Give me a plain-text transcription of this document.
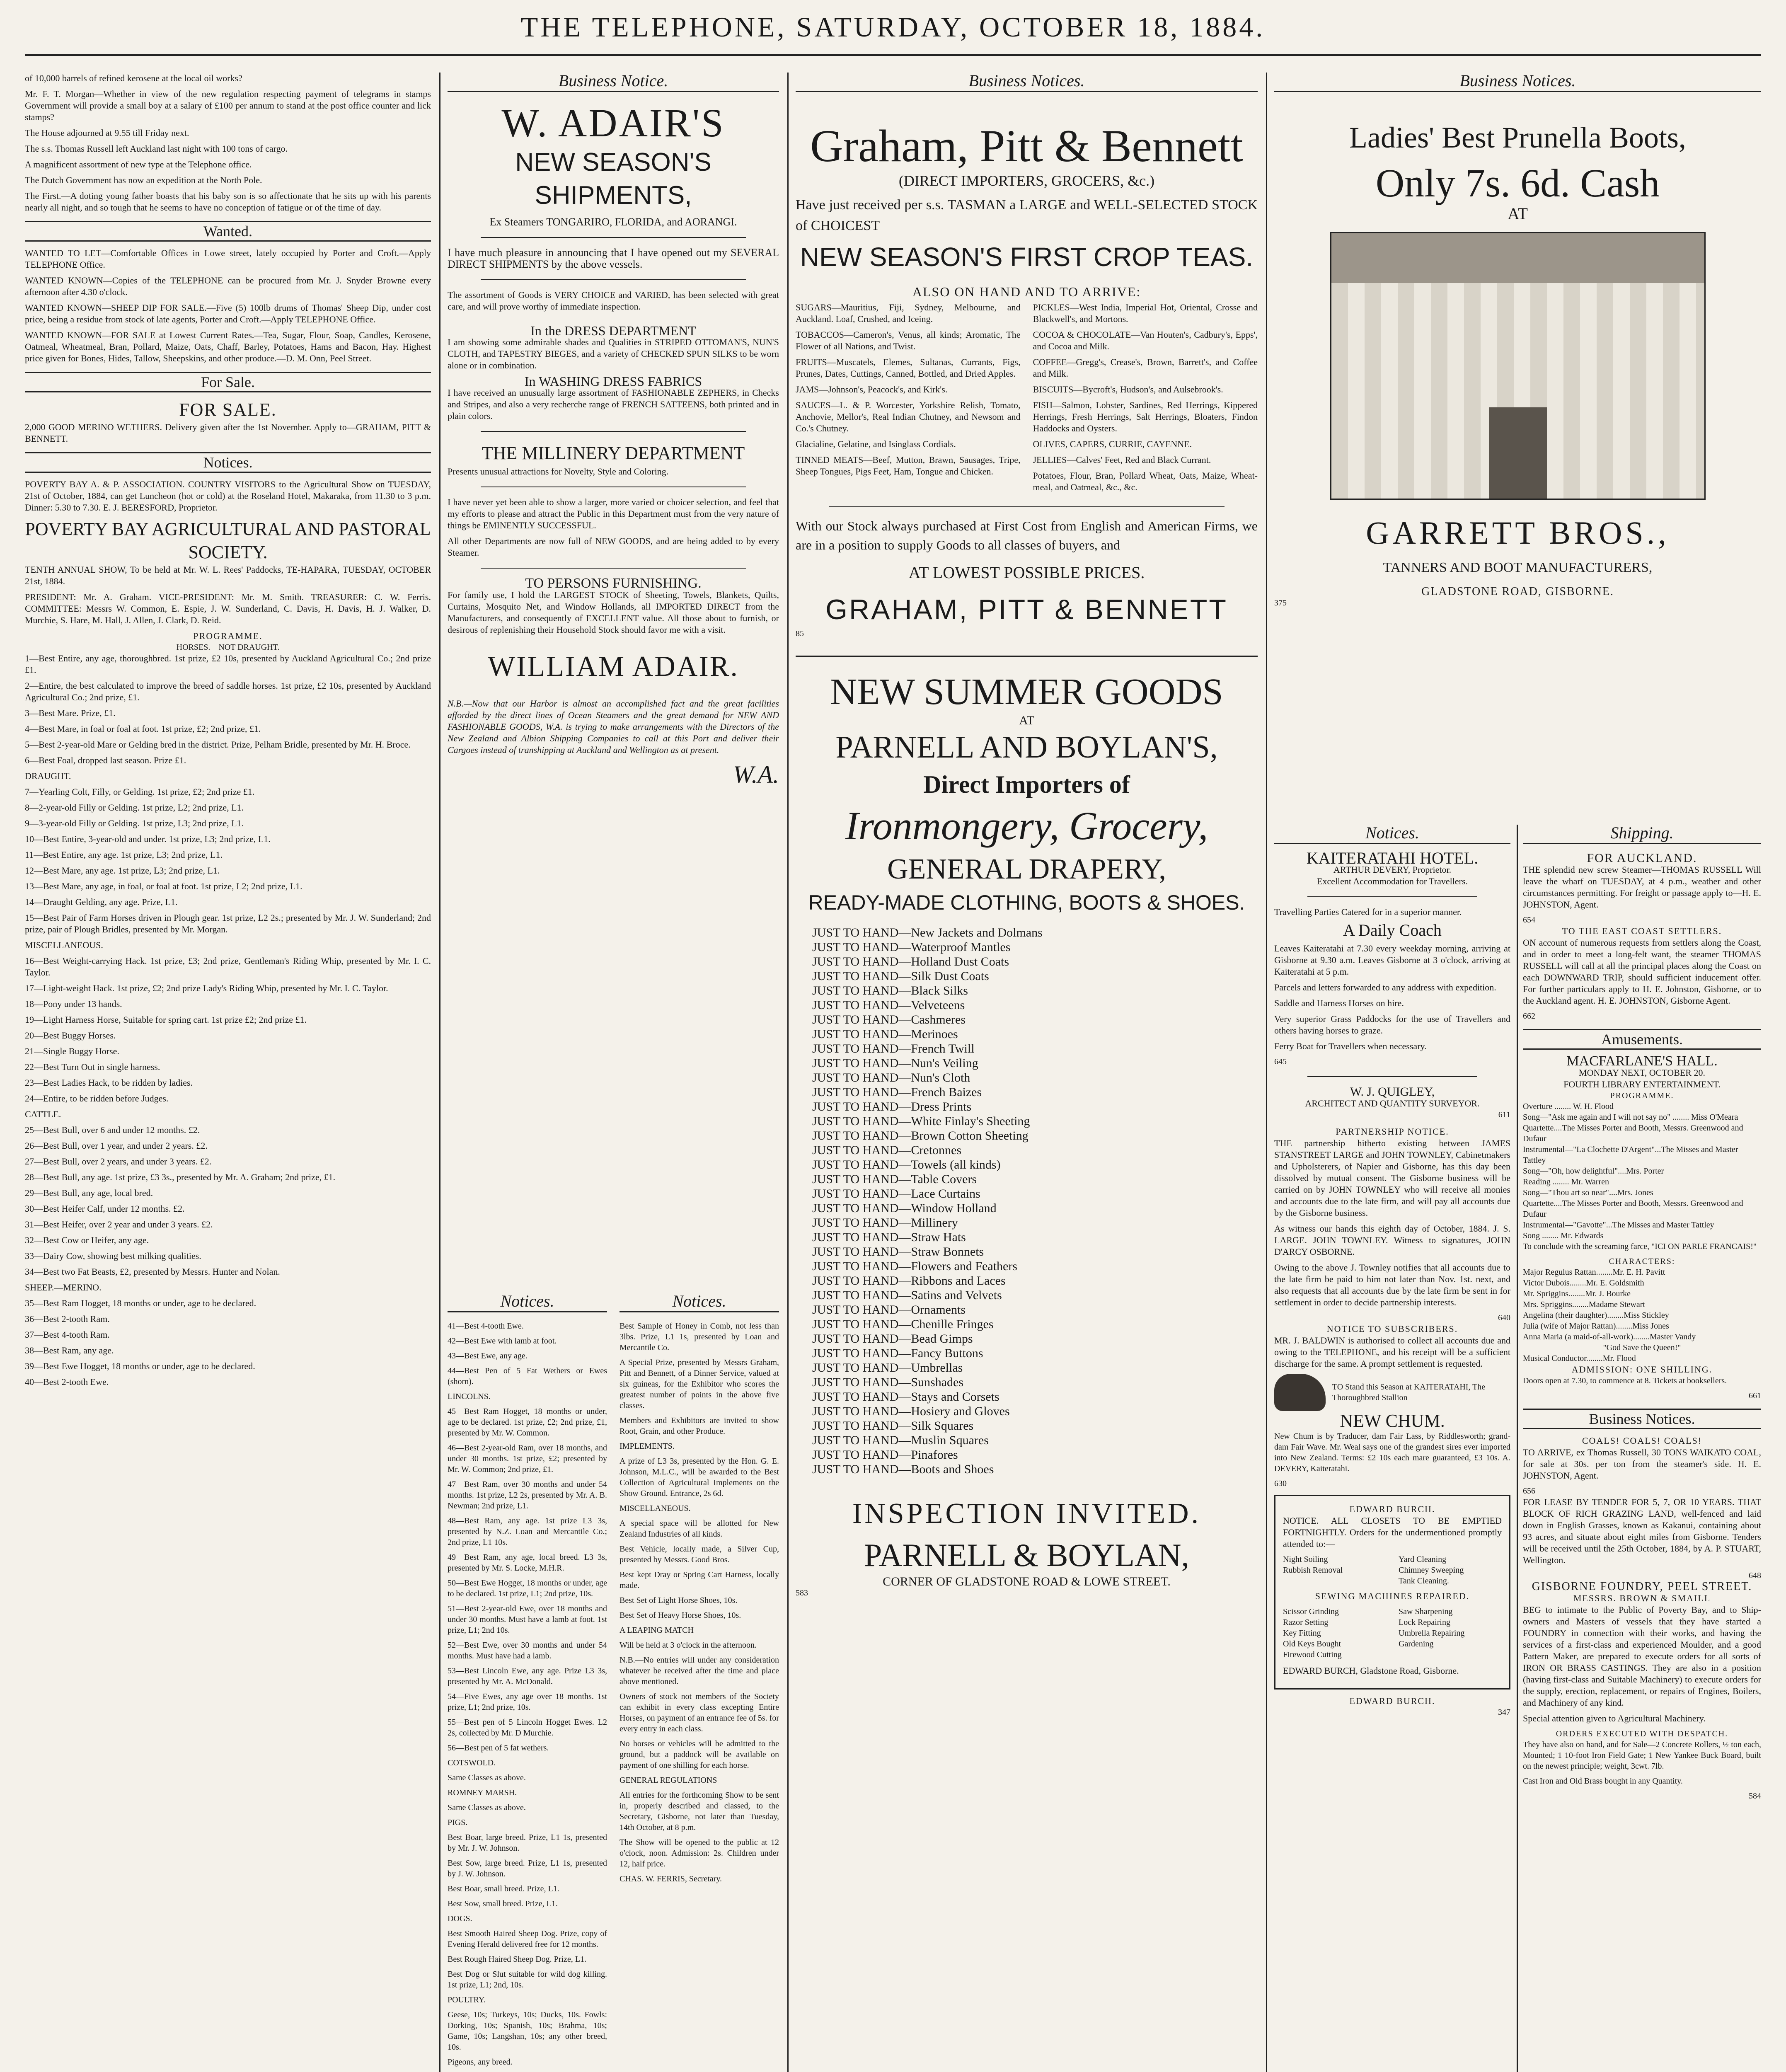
THE TELEPHONE, SATURDAY, OCTOBER 18, 1884.

of 10,000 barrels of refined kerosene at the local oil works?

Mr. F. T. Morgan—Whether in view of the new regulation respecting payment of telegrams in stamps Government will provide a small boy at a salary of £100 per annum to stand at the post office counter and lick stamps?

The House adjourned at 9.55 till Friday next.

The s.s. Thomas Russell left Auckland last night with 100 tons of cargo.

A magnificent assortment of new type at the Telephone office.

The Dutch Government has now an expedition at the North Pole.

The First.—A doting young father boasts that his baby son is so affectionate that he sits up with his parents nearly all night, and so tough that he seems to have no conception of fatigue or of the time of day.

Wanted.

WANTED TO LET—Comfortable Offices in Lowe street, lately occupied by Porter and Croft.—Apply TELEPHONE Office.

WANTED KNOWN—Copies of the TELEPHONE can be procured from Mr. J. Snyder Browne every afternoon after 4.30 o'clock.

WANTED KNOWN—SHEEP DIP FOR SALE.—Five (5) 100lb drums of Thomas' Sheep Dip, under cost price, being a residue from stock of late agents, Porter and Croft.—Apply TELEPHONE Office.

WANTED KNOWN—FOR SALE at Lowest Current Rates.—Tea, Sugar, Flour, Soap, Candles, Kerosene, Oatmeal, Wheatmeal, Bran, Pollard, Maize, Oats, Chaff, Barley, Potatoes, Hams and Bacon, Hay. Highest price given for Bones, Hides, Tallow, Sheepskins, and other produce.—D. M. Onn, Peel Street.

For Sale.
FOR SALE.

2,000 GOOD MERINO WETHERS. Delivery given after the 1st November. Apply to—GRAHAM, PITT & BENNETT.

Notices.

POVERTY BAY A. & P. ASSOCIATION. COUNTRY VISITORS to the Agricultural Show on TUESDAY, 21st of October, 1884, can get Luncheon (hot or cold) at the Roseland Hotel, Makaraka, from 11.30 to 3 p.m. Dinner: 5.30 to 7.30. E. J. BERESFORD, Proprietor.

POVERTY BAY AGRICULTURAL AND PASTORAL SOCIETY.

TENTH ANNUAL SHOW, To be held at Mr. W. L. Rees' Paddocks, TE-HAPARA, TUESDAY, OCTOBER 21st, 1884.

PRESIDENT: Mr. A. Graham. VICE-PRESIDENT: Mr. M. Smith. TREASURER: C. W. Ferris. COMMITTEE: Messrs W. Common, E. Espie, J. W. Sunderland, C. Davis, H. Davis, H. J. Walker, D. Murchie, S. Hare, M. Hall, J. Allen, J. Clark, D. Reid.

PROGRAMME.
HORSES.—NOT DRAUGHT.

1—Best Entire, any age, thoroughbred. 1st prize, £2 10s, presented by Auckland Agricultural Co.; 2nd prize £1.

2—Entire, the best calculated to improve the breed of saddle horses. 1st prize, £2 10s, presented by Auckland Agricultural Co.; 2nd prize, £1.

3—Best Mare. Prize, £1.

4—Best Mare, in foal or foal at foot. 1st prize, £2; 2nd prize, £1.

5—Best 2-year-old Mare or Gelding bred in the district. Prize, Pelham Bridle, presented by Mr. H. Broce.

6—Best Foal, dropped last season. Prize £1.

DRAUGHT.

7—Yearling Colt, Filly, or Gelding. 1st prize, £2; 2nd prize £1.

8—2-year-old Filly or Gelding. 1st prize, L2; 2nd prize, L1.

9—3-year-old Filly or Gelding. 1st prize, L3; 2nd prize, L1.

10—Best Entire, 3-year-old and under. 1st prize, L3; 2nd prize, L1.

11—Best Entire, any age. 1st prize, L3; 2nd prize, L1.

12—Best Mare, any age. 1st prize, L3; 2nd prize, L1.

13—Best Mare, any age, in foal, or foal at foot. 1st prize, L2; 2nd prize, L1.

14—Draught Gelding, any age. Prize, L1.

15—Best Pair of Farm Horses driven in Plough gear. 1st prize, L2 2s.; presented by Mr. J. W. Sunderland; 2nd prize, pair of Plough Bridles, presented by Mr. Morgan.

MISCELLANEOUS.

16—Best Weight-carrying Hack. 1st prize, £3; 2nd prize, Gentleman's Riding Whip, presented by Mr. I. C. Taylor.

17—Light-weight Hack. 1st prize, £2; 2nd prize Lady's Riding Whip, presented by Mr. I. C. Taylor.

18—Pony under 13 hands.

19—Light Harness Horse, Suitable for spring cart. 1st prize £2; 2nd prize £1.

20—Best Buggy Horses.

21—Single Buggy Horse.

22—Best Turn Out in single harness.

23—Best Ladies Hack, to be ridden by ladies.

24—Entire, to be ridden before Judges.

CATTLE.

25—Best Bull, over 6 and under 12 months. £2.

26—Best Bull, over 1 year, and under 2 years. £2.

27—Best Bull, over 2 years, and under 3 years. £2.

28—Best Bull, any age. 1st prize, £3 3s., presented by Mr. A. Graham; 2nd prize, £1.

29—Best Bull, any age, local bred.

30—Best Heifer Calf, under 12 months. £2.

31—Best Heifer, over 2 year and under 3 years. £2.

32—Best Cow or Heifer, any age.

33—Dairy Cow, showing best milking qualities.

34—Best two Fat Beasts, £2, presented by Messrs. Hunter and Nolan.

SHEEP.—MERINO.

35—Best Ram Hogget, 18 months or under, age to be declared.

36—Best 2-tooth Ram.

37—Best 4-tooth Ram.

38—Best Ram, any age.

39—Best Ewe Hogget, 18 months or under, age to be declared.

40—Best 2-tooth Ewe.

Business Notice.
W. ADAIR'S
NEW SEASON'S SHIPMENTS,
Ex Steamers TONGARIRO, FLORIDA, and AORANGI.

I have much pleasure in announcing that I have opened out my SEVERAL DIRECT SHIPMENTS by the above vessels.

The assortment of Goods is VERY CHOICE and VARIED, has been selected with great care, and will prove worthy of immediate inspection.

In the DRESS DEPARTMENT

I am showing some admirable shades and Qualities in STRIPED OTTOMAN'S, NUN'S CLOTH, and TAPESTRY BIEGES, and a variety of CHECKED SPUN SILKS to be worn alone or in combination.

In WASHING DRESS FABRICS

I have received an unusually large assortment of FASHIONABLE ZEPHERS, in Checks and Stripes, and also a very recherche range of FRENCH SATTEENS, both printed and in plain colors.

THE MILLINERY DEPARTMENT

Presents unusual attractions for Novelty, Style and Coloring.

I have never yet been able to show a larger, more varied or choicer selection, and feel that my efforts to please and attract the Public in this Department must from the very nature of things be EMINENTLY SUCCESSFUL.

All other Departments are now full of NEW GOODS, and are being added to by every Steamer.

TO PERSONS FURNISHING.

For family use, I hold the LARGEST STOCK of Sheeting, Towels, Blankets, Quilts, Curtains, Mosquito Net, and Window Hollands, all IMPORTED DIRECT from the Manufacturers, and consequently of EXCELLENT value. All those about to furnish, or desirous of replenishing their Household Stock should favor me with a visit.

WILLIAM ADAIR.

N.B.—Now that our Harbor is almost an accomplished fact and the great facilities afforded by the direct lines of Ocean Steamers and the great demand for NEW AND FASHIONABLE GOODS, W.A. is trying to make arrangements with the Directors of the New Zealand and Albion Shipping Companies to call at this Port and deliver their Cargoes instead of transhipping at Auckland and Wellington as at present.

W.A.
Notices.

41—Best 4-tooth Ewe.

42—Best Ewe with lamb at foot.

43—Best Ewe, any age.

44—Best Pen of 5 Fat Wethers or Ewes (shorn).

LINCOLNS.

45—Best Ram Hogget, 18 months or under, age to be declared. 1st prize, £2; 2nd prize, £1, presented by Mr. W. Common.

46—Best 2-year-old Ram, over 18 months, and under 30 months. 1st prize, £2; presented by Mr. W. Common; 2nd prize, £1.

47—Best Ram, over 30 months and under 54 months. 1st prize, L2 2s, presented by Mr. A. B. Newman; 2nd prize, L1.

48—Best Ram, any age. 1st prize L3 3s, presented by N.Z. Loan and Mercantile Co.; 2nd prize, L1 10s.

49—Best Ram, any age, local breed. L3 3s, presented by Mr. S. Locke, M.H.R.

50—Best Ewe Hogget, 18 months or under, age to be declared. 1st prize, L1; 2nd prize, 10s.

51—Best 2-year-old Ewe, over 18 months and under 30 months. Must have a lamb at foot. 1st prize, L1; 2nd 10s.

52—Best Ewe, over 30 months and under 54 months. Must have had a lamb.

53—Best Lincoln Ewe, any age. Prize L3 3s, presented by Mr. A. McDonald.

54—Five Ewes, any age over 18 months. 1st prize, L1; 2nd prize, 10s.

55—Best pen of 5 Lincoln Hogget Ewes. L2 2s, collected by Mr. D Murchie.

56—Best pen of 5 fat wethers.

COTSWOLD.

Same Classes as above.

ROMNEY MARSH.

Same Classes as above.

PIGS.

Best Boar, large breed. Prize, L1 1s, presented by Mr. J. W. Johnson.

Best Sow, large breed. Prize, L1 1s, presented by J. W. Johnson.

Best Boar, small breed. Prize, L1.

Best Sow, small breed. Prize, L1.

DOGS.

Best Smooth Haired Sheep Dog. Prize, copy of Evening Herald delivered free for 12 months.

Best Rough Haired Sheep Dog. Prize, L1.

Best Dog or Slut suitable for wild dog killing. 1st prize, L1; 2nd, 10s.

POULTRY.

Geese, 10s; Turkeys, 10s; Ducks, 10s. Fowls: Dorking, 10s; Spanish, 10s; Brahma, 10s; Game, 10s; Langshan, 10s; any other breed, 10s.

Pigeons, any breed.

Notices.

Best Sample of Honey in Comb, not less than 3lbs. Prize, L1 1s, presented by Loan and Mercantile Co.

A Special Prize, presented by Messrs Graham, Pitt and Bennett, of a Dinner Service, valued at six guineas, for the Exhibitor who scores the greatest number of points in the above five classes.

Members and Exhibitors are invited to show Root, Grain, and other Produce.

IMPLEMENTS.

A prize of L3 3s, presented by the Hon. G. E. Johnson, M.L.C., will be awarded to the Best Collection of Agricultural Implements on the Show Ground. Entrance, 2s 6d.

MISCELLANEOUS.

A special space will be allotted for New Zealand Industries of all kinds.

Best Vehicle, locally made, a Silver Cup, presented by Messrs. Good Bros.

Best kept Dray or Spring Cart Harness, locally made.

Best Set of Light Horse Shoes, 10s.

Best Set of Heavy Horse Shoes, 10s.

A LEAPING MATCH

Will be held at 3 o'clock in the afternoon.

N.B.—No entries will under any consideration whatever be received after the time and place above mentioned.

Owners of stock not members of the Society can exhibit in every class excepting Entire Horses, on payment of an entrance fee of 5s. for every entry in each class.

No horses or vehicles will be admitted to the ground, but a paddock will be available on payment of one shilling for each horse.

GENERAL REGULATIONS

All entries for the forthcoming Show to be sent in, properly described and classed, to the Secretary, Gisborne, not later than Tuesday, 14th October, at 8 p.m.

The Show will be opened to the public at 12 o'clock, noon. Admission: 2s. Children under 12, half price.

CHAS. W. FERRIS, Secretary.

Business Notices.
Graham, Pitt & Bennett
(DIRECT IMPORTERS, GROCERS, &c.)

Have just received per s.s. TASMAN a LARGE and WELL-SELECTED STOCK of CHOICEST

NEW SEASON'S FIRST CROP TEAS.
ALSO ON HAND AND TO ARRIVE:

SUGARS—Mauritius, Fiji, Sydney, Melbourne, and Auckland. Loaf, Crushed, and Iceing.

TOBACCOS—Cameron's, Venus, all kinds; Aromatic, The Flower of all Nations, and Twist.

FRUITS—Muscatels, Elemes, Sultanas, Currants, Figs, Prunes, Dates, Cuttings, Canned, Bottled, and Dried Apples.

JAMS—Johnson's, Peacock's, and Kirk's.

SAUCES—L. & P. Worcester, Yorkshire Relish, Tomato, Anchovie, Mellor's, Real Indian Chutney, and Newsom and Co.'s Chutney.

Glacialine, Gelatine, and Isinglass Cordials.

TINNED MEATS—Beef, Mutton, Brawn, Sausages, Tripe, Sheep Tongues, Pigs Feet, Ham, Tongue and Chicken.

PICKLES—West India, Imperial Hot, Oriental, Crosse and Blackwell's, and Mortons.

COCOA & CHOCOLATE—Van Houten's, Cadbury's, Epps', and Cocoa and Milk.

COFFEE—Gregg's, Crease's, Brown, Barrett's, and Coffee and Milk.

BISCUITS—Bycroft's, Hudson's, and Aulsebrook's.

FISH—Salmon, Lobster, Sardines, Red Herrings, Kippered Herrings, Fresh Herrings, Salt Herrings, Bloaters, Findon Haddocks and Oysters.

OLIVES, CAPERS, CURRIE, CAYENNE.

JELLIES—Calves' Feet, Red and Black Currant.

Potatoes, Flour, Bran, Pollard Wheat, Oats, Maize, Wheat-meal, and Oatmeal, &c., &c.

With our Stock always purchased at First Cost from English and American Firms, we are in a position to supply Goods to all classes of buyers, and

AT LOWEST POSSIBLE PRICES.
GRAHAM, PITT & BENNETT
85
NEW SUMMER GOODS
AT
PARNELL AND BOYLAN'S,
Direct Importers of
Ironmongery, Grocery,
GENERAL DRAPERY,
READY-MADE CLOTHING, BOOTS & SHOES.
JUST TO HAND—New Jackets and Dolmans
JUST TO HAND—Waterproof Mantles
JUST TO HAND—Holland Dust Coats
JUST TO HAND—Silk Dust Coats
JUST TO HAND—Black Silks
JUST TO HAND—Velveteens
JUST TO HAND—Cashmeres
JUST TO HAND—Merinoes
JUST TO HAND—French Twill
JUST TO HAND—Nun's Veiling
JUST TO HAND—Nun's Cloth
JUST TO HAND—French Baizes
JUST TO HAND—Dress Prints
JUST TO HAND—White Finlay's Sheeting
JUST TO HAND—Brown Cotton Sheeting
JUST TO HAND—Cretonnes
JUST TO HAND—Towels (all kinds)
JUST TO HAND—Table Covers
JUST TO HAND—Lace Curtains
JUST TO HAND—Window Holland
JUST TO HAND—Millinery
JUST TO HAND—Straw Hats
JUST TO HAND—Straw Bonnets
JUST TO HAND—Flowers and Feathers
JUST TO HAND—Ribbons and Laces
JUST TO HAND—Satins and Velvets
JUST TO HAND—Ornaments
JUST TO HAND—Chenille Fringes
JUST TO HAND—Bead Gimps
JUST TO HAND—Fancy Buttons
JUST TO HAND—Umbrellas
JUST TO HAND—Sunshades
JUST TO HAND—Stays and Corsets
JUST TO HAND—Hosiery and Gloves
JUST TO HAND—Silk Squares
JUST TO HAND—Muslin Squares
JUST TO HAND—Pinafores
JUST TO HAND—Boots and Shoes
INSPECTION INVITED.
PARNELL & BOYLAN,
CORNER OF GLADSTONE ROAD & LOWE STREET.
583
Business Notices.
Ladies' Best Prunella Boots,
Only 7s. 6d. Cash
AT
GARRETT BROS.,
TANNERS AND BOOT MANUFACTURERS,
GLADSTONE ROAD, GISBORNE.
375
Notices.
KAITERATAHI HOTEL.
ARTHUR DEVERY, Proprietor.
Excellent Accommodation for Travellers.

Travelling Parties Catered for in a superior manner.

A Daily Coach

Leaves Kaiteratahi at 7.30 every weekday morning, arriving at Gisborne at 9.30 a.m. Leaves Gisborne at 3 o'clock, arriving at Kaiteratahi at 5 p.m.

Parcels and letters forwarded to any address with expedition.

Saddle and Harness Horses on hire.

Very superior Grass Paddocks for the use of Travellers and others having horses to graze.

Ferry Boat for Travellers when necessary.

645
W. J. QUIGLEY,
ARCHITECT AND QUANTITY SURVEYOR.
611
PARTNERSHIP NOTICE.

THE partnership hitherto existing between JAMES STANSTREET LARGE and JOHN TOWNLEY, Cabinetmakers and Upholsterers, of Napier and Gisborne, has this day been dissolved by mutual consent. The Gisborne business will be carried on by JOHN TOWNLEY who will receive all monies and accounts due to the late firm, and will pay all accounts due by the Gisborne business.

As witness our hands this eighth day of October, 1884. J. S. LARGE. JOHN TOWNLEY. Witness to signatures, JOHN D'ARCY OSBORNE.

Owing to the above J. Townley notifies that all accounts due to the late firm be paid to him not later than Nov. 1st. next, and also requests that all accounts due by the late firm be sent in for settlement in order to decide partnership interests.

640
NOTICE TO SUBSCRIBERS.

MR. J. BALDWIN is authorised to collect all accounts due and owing to the TELEPHONE, and his receipt will be a sufficient discharge for the same. A prompt settlement is requested.

TO Stand this Season at KAITERATAHI, The Thoroughbred Stallion
NEW CHUM.

New Chum is by Traducer, dam Fair Lass, by Riddlesworth; grand-dam Fair Wave. Mr. Weal says one of the grandest sires ever imported into New Zealand. Terms: £2 10s each mare guaranteed, £3 10s. A. DEVERY, Kaiteratahi.

630
EDWARD BURCH.

NOTICE. ALL CLOSETS TO BE EMPTIED FORTNIGHTLY. Orders for the undermentioned promptly attended to:—

Night Soiling
Rubbish Removal
Yard Cleaning
Chimney Sweeping
Tank Cleaning.
SEWING MACHINES REPAIRED.
Scissor Grinding
Razor Setting
Key Fitting
Old Keys Bought
Firewood Cutting
Saw Sharpening
Lock Repairing
Umbrella Repairing
Gardening

EDWARD BURCH, Gladstone Road, Gisborne.

EDWARD BURCH.
347
Shipping.
FOR AUCKLAND.

THE splendid new screw Steamer—THOMAS RUSSELL Will leave the wharf on TUESDAY, at 4 p.m., weather and other circumstances permitting. For freight or passage apply to—H. E. JOHNSTON, Agent.

654
TO THE EAST COAST SETTLERS.

ON account of numerous requests from settlers along the Coast, and in order to meet a long-felt want, the steamer THOMAS RUSSELL will call at all the principal places along the Coast on each DOWNWARD TRIP, should sufficient inducement offer. For further particulars apply to H. E. Johnston, Gisborne, or to the Auckland agent. H. E. JOHNSTON, Gisborne Agent.

662
Amusements.
MACFARLANE'S HALL.
MONDAY NEXT, OCTOBER 20.
FOURTH LIBRARY ENTERTAINMENT.
PROGRAMME.
Overture ........ W. H. Flood
Song—"Ask me again and I will not say no" ........ Miss O'Meara
Quartette....The Misses Porter and Booth, Messrs. Greenwood and Dufaur
Instrumental—"La Clochette D'Argent"...The Misses and Master Tattley
Song—"Oh, how delightful"....Mrs. Porter
Reading ........ Mr. Warren
Song—"Thou art so near"....Mrs. Jones
Quartette....The Misses Porter and Booth, Messrs. Greenwood and Dufaur
Instrumental—"Gavotte"...The Misses and Master Tattley
Song ........ Mr. Edwards

To conclude with the screaming farce, "ICI ON PARLE FRANCAIS!"

CHARACTERS:
Major Regulus Rattan........Mr. E. H. Pavitt
Victor Dubois........Mr. E. Goldsmith
Mr. Spriggins........Mr. J. Bourke
Mrs. Spriggins........Madame Stewart
Angelina (their daughter)........Miss Stickley
Julia (wife of Major Rattan)........Miss Jones
Anna Maria (a maid-of-all-work)........Master Vandy
"God Save the Queen!"
Musical Conductor........Mr. Flood
ADMISSION: ONE SHILLING.

Doors open at 7.30, to commence at 8. Tickets at booksellers.

661
Business Notices.
COALS! COALS! COALS!

TO ARRIVE, ex Thomas Russell, 30 TONS WAIKATO COAL, for sale at 30s. per ton from the steamer's side. H. E. JOHNSTON, Agent.

656

FOR LEASE BY TENDER FOR 5, 7, OR 10 YEARS. THAT BLOCK OF RICH GRAZING LAND, well-fenced and laid down in English Grasses, known as Kakanui, containing about 93 acres, and situate about eight miles from Gisborne. Tenders will be received until the 25th October, 1884, by A. P. STUART, Wellington.

648
GISBORNE FOUNDRY, PEEL STREET.
MESSRS. BROWN & SMAILL

BEG to intimate to the Public of Poverty Bay, and to Ship-owners and Masters of vessels that they have started a FOUNDRY in connection with their works, and having the services of a first-class and experienced Moulder, and a good Pattern Maker, are prepared to execute orders for all sorts of IRON OR BRASS CASTINGS. They are also in a position (having first-class and Suitable Machinery) to execute orders for the supply, erection, replacement, or repairs of Engines, Boilers, and Machinery of any kind.

Special attention given to Agricultural Machinery.

ORDERS EXECUTED WITH DESPATCH.

They have also on hand, and for Sale—2 Concrete Rollers, ½ ton each, Mounted; 1 10-foot Iron Field Gate; 1 New Yankee Buck Board, built on the newest principle; weight, 3cwt. 7lb.

Cast Iron and Old Brass bought in any Quantity.

584
